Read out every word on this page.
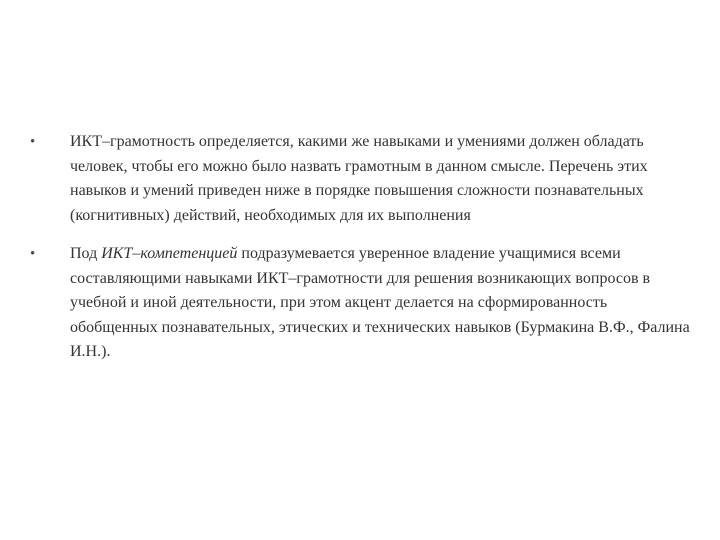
•	ИКТ–грамотность определяется, какими же навыками и умениями должен обладать человек, чтобы его можно было назвать грамотным в данном смысле. Перечень этих навыков и умений приведен ниже в порядке повышения сложности познавательных (когнитивных) действий, необходимых для их выполнения
•	Под ИКТ–компетенцией подразумевается уверенное владение учащимися всеми составляющими навыками ИКТ–грамотности для решения возникающих вопросов в учебной и иной деятельности, при этом акцент делается на сформированность обобщенных познавательных, этических и технических навыков (Бурмакина В.Ф., Фалина И.Н.).
